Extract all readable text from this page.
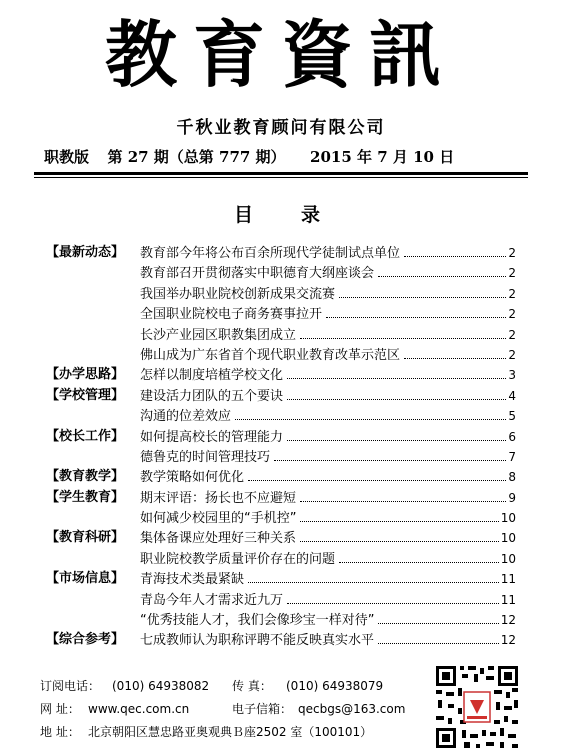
教育資訊
千秋业教育顾问有限公司
职教版 第 27 期（总第 777 期） 2015 年 7 月 10 日
目录
【最新动态】	教育部今年将公布百余所现代学徒制试点单位	2
教育部召开贯彻落实中职德育大纲座谈会	2
我国举办职业院校创新成果交流赛	2
全国职业院校电子商务赛事拉开	2
长沙产业园区职教集团成立	2
佛山成为广东省首个现代职业教育改革示范区	2
【办学思路】	怎样以制度培植学校文化	3
【学校管理】	建设活力团队的五个要诀	4
沟通的位差效应	5
【校长工作】	如何提高校长的管理能力	6
德鲁克的时间管理技巧	7
【教育教学】	教学策略如何优化	8
【学生教育】	期末评语：扬长也不应避短	9
如何减少校园里的“手机控”	10
【教育科研】	集体备课应处理好三种关系	10
职业院校教学质量评价存在的问题	10
【市场信息】	青海技术类最紧缺	11
青岛今年人才需求近九万	11
“优秀技能人才，我们会像珍宝一样对待”	12
【综合参考】	七成教师认为职称评聘不能反映真实水平	12
订阅电话： (010) 64938082 传 真： (010) 64938079
网 址： www.qec.com.cn	电子信箱： qecbgs@163.com
地 址： 北京朝阳区慧忠路亚奥观典Ｂ座2502 室（100101）
